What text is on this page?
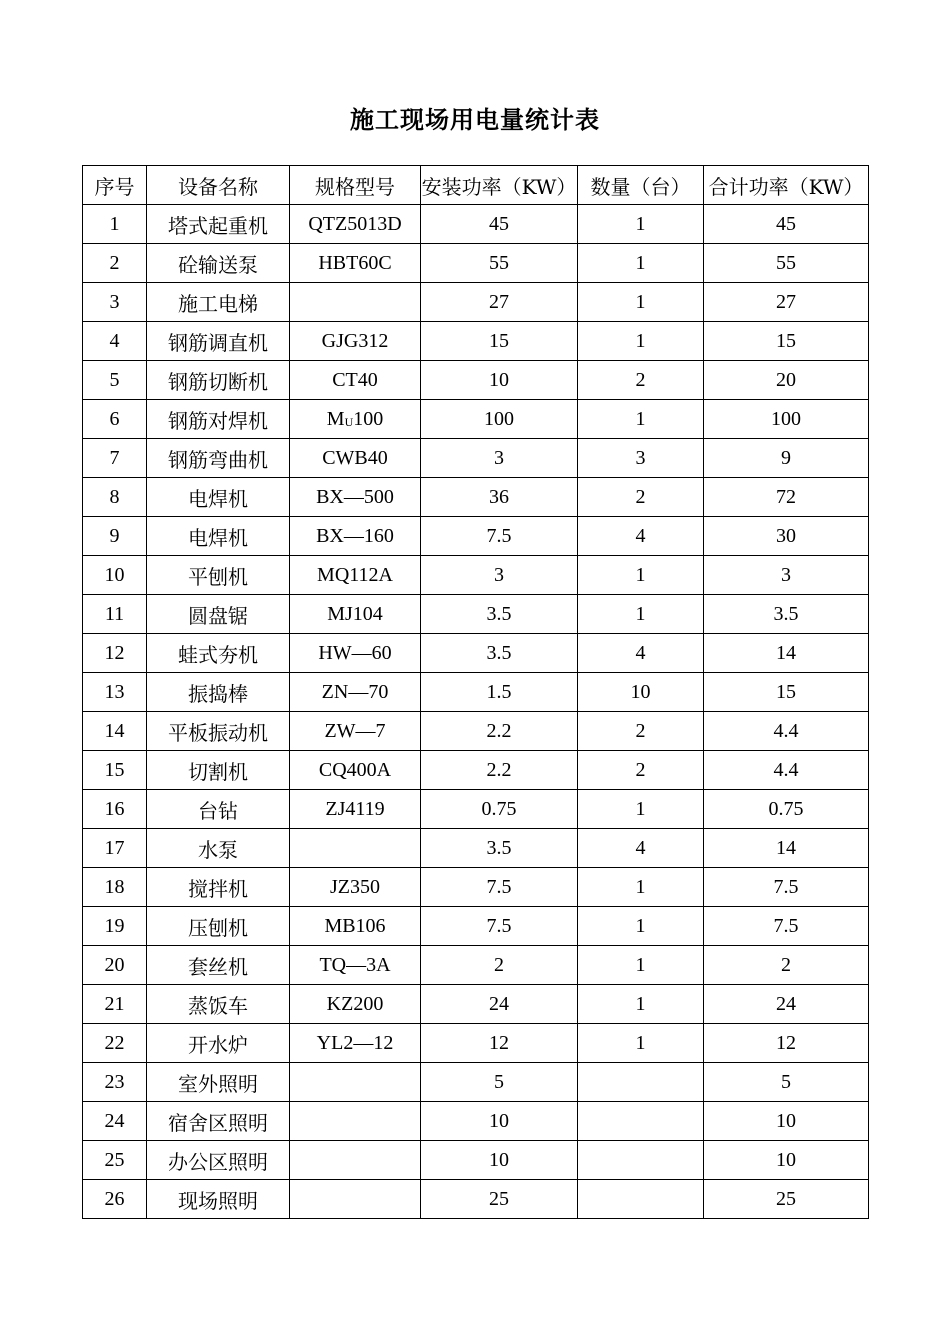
施工现场用电量统计表
序号	设备名称	规格型号	安装功率（KW）	数量（台）	合计功率（KW）
1	塔式起重机	QTZ5013D	45	1	45
2	砼输送泵	HBT60C	55	1	55
3	施工电梯		27	1	27
4	钢筋调直机	GJG312	15	1	15
5	钢筋切断机	CT40	10	2	20
6	钢筋对焊机	MU100	100	1	100
7	钢筋弯曲机	CWB40	3	3	9
8	电焊机	BX—500	36	2	72
9	电焊机	BX—160	7.5	4	30
10	平刨机	MQ112A	3	1	3
11	圆盘锯	MJ104	3.5	1	3.5
12	蛙式夯机	HW—60	3.5	4	14
13	振捣棒	ZN—70	1.5	10	15
14	平板振动机	ZW—7	2.2	2	4.4
15	切割机	CQ400A	2.2	2	4.4
16	台钻	ZJ4119	0.75	1	0.75
17	水泵		3.5	4	14
18	搅拌机	JZ350	7.5	1	7.5
19	压刨机	MB106	7.5	1	7.5
20	套丝机	TQ—3A	2	1	2
21	蒸饭车	KZ200	24	1	24
22	开水炉	YL2—12	12	1	12
23	室外照明		5		5
24	宿舍区照明		10		10
25	办公区照明		10		10
26	现场照明		25		25
